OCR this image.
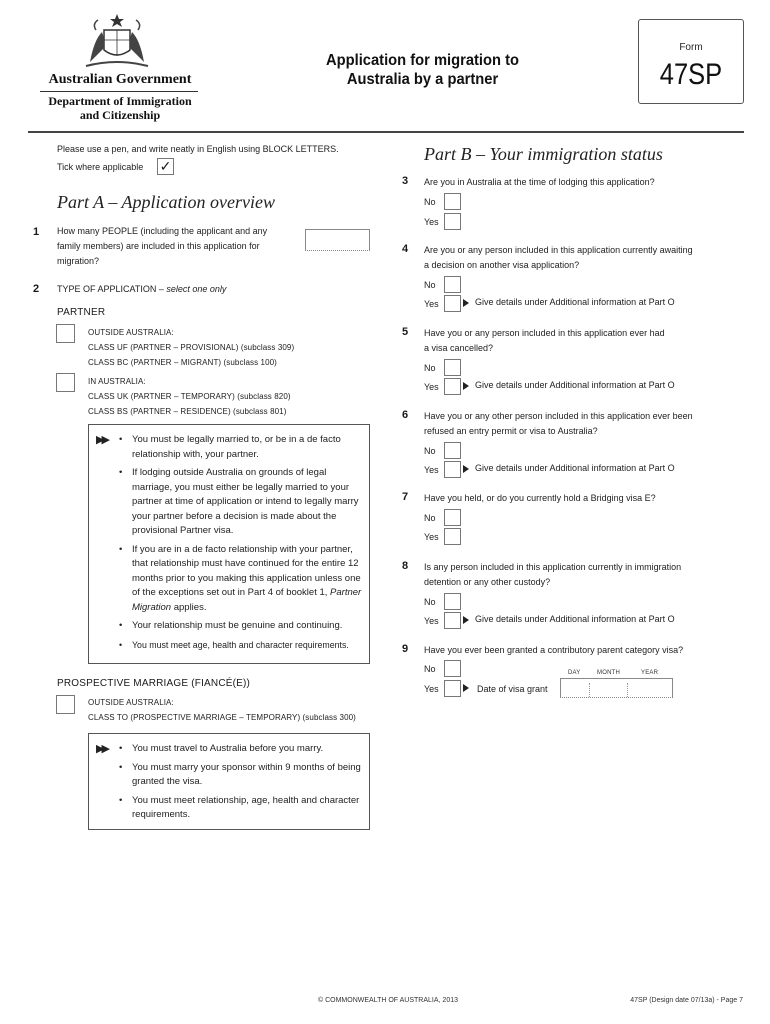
Australian Government
Department of Immigration
and Citizenship
Application for migration to
Australia by a partner
Form
47SP
Please use a pen, and write neatly in English using BLOCK LETTERS.
Tick where applicable ✓
Part A – Application overview
1 How many PEOPLE (including the applicant and any
family members) are included in this application for
migration?
2 TYPE OF APPLICATION – select one only
PARTNER
OUTSIDE AUSTRALIA:
CLASS UF (PARTNER – PROVISIONAL) (subclass 309)
CLASS BC (PARTNER – MIGRANT) (subclass 100)
IN AUSTRALIA:
CLASS UK (PARTNER – TEMPORARY) (subclass 820)
CLASS BS (PARTNER – RESIDENCE) (subclass 801)
▶▶	• You must be legally married to, or be in a de facto relationship with, your partner.
• If lodging outside Australia on grounds of legal marriage, you must either be legally married to your partner at time of application or intend to legally marry your partner before a decision is made about the provisional Partner visa.
• If you are in a de facto relationship with your partner, that relationship must have continued for the entire 12 months prior to you making this application unless one of the exceptions set out in Part 4 of booklet 1, Partner Migration applies.
• Your relationship must be genuine and continuing.
• You must meet age, health and character requirements.
PROSPECTIVE MARRIAGE (FIANCÉ(E))
OUTSIDE AUSTRALIA:
CLASS TO (PROSPECTIVE MARRIAGE – TEMPORARY) (subclass 300)
▶▶	• You must travel to Australia before you marry.
• You must marry your sponsor within 9 months of being granted the visa.
• You must meet relationship, age, health and character requirements.
Part B – Your immigration status
3 Are you in Australia at the time of lodging this application?
No
Yes
4 Are you or any person included in this application currently awaiting
a decision on another visa application?
No
Yes	Give details under Additional information at Part O
5 Have you or any person included in this application ever had
a visa cancelled?
No
Yes	Give details under Additional information at Part O
6 Have you or any other person included in this application ever been
refused an entry permit or visa to Australia?
No
Yes	Give details under Additional information at Part O
7 Have you held, or do you currently hold a Bridging visa E?
No
Yes
8 Is any person included in this application currently in immigration
detention or any other custody?
No
Yes	Give details under Additional information at Part O
9 Have you ever been granted a contributory parent category visa?
No
Yes	Date of visa grant
DAY	MONTH	YEAR
© COMMONWEALTH OF AUSTRALIA, 2013	47SP (Design date 07/13a) - Page 7
